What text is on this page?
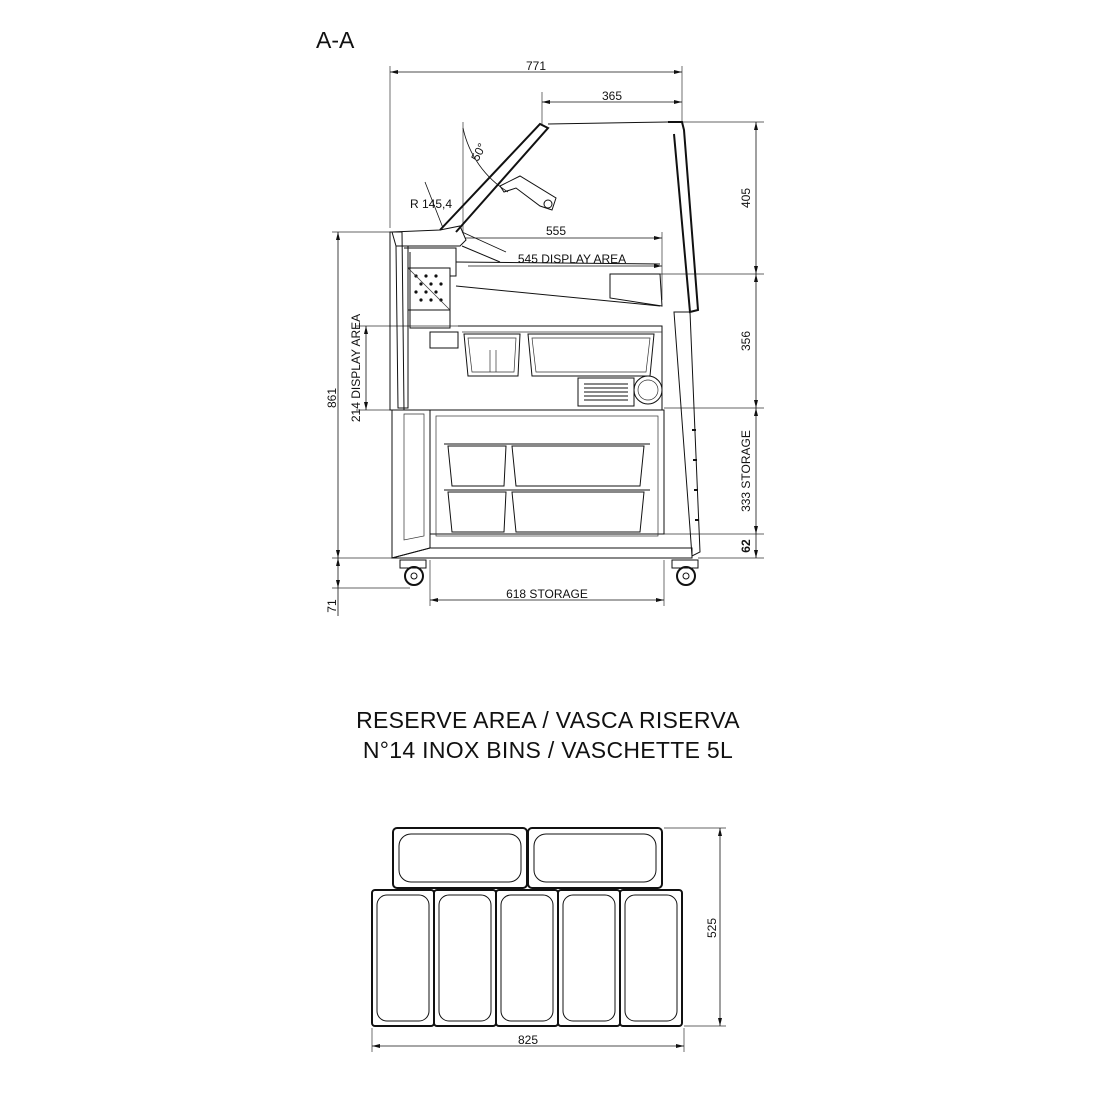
A-A
771
365
50°
R 145,4
555
545 DISPLAY AREA
405
356
333 STORAGE
62
861
71
214 DISPLAY AREA
618 STORAGE
RESERVE AREA / VASCA RISERVA
N°14 INOX BINS / VASCHETTE 5L
825
525
